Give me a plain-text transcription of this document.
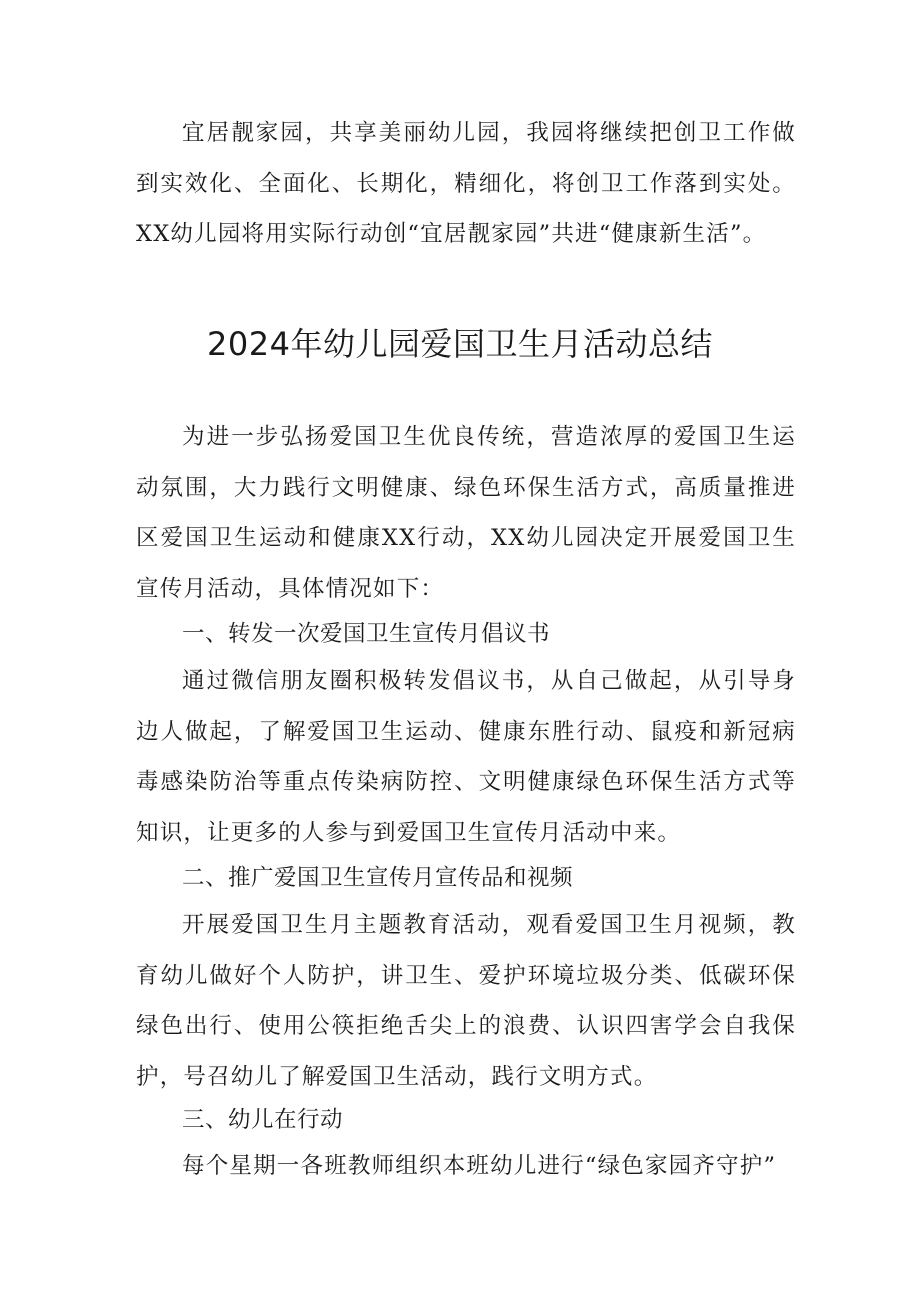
宜居靓家园，共享美丽幼儿园，我园将继续把创卫工作做到实效化、全面化、长期化，精细化，将创卫工作落到实处。XX幼儿园将用实际行动创“宜居靓家园”共进“健康新生活”。

2024年幼儿园爱国卫生月活动总结

为进一步弘扬爱国卫生优良传统，营造浓厚的爱国卫生运动氛围，大力践行文明健康、绿色环保生活方式，高质量推进区爱国卫生运动和健康XX行动，XX幼儿园决定开展爱国卫生宣传月活动，具体情况如下：

一、转发一次爱国卫生宣传月倡议书

通过微信朋友圈积极转发倡议书，从自己做起，从引导身边人做起，了解爱国卫生运动、健康东胜行动、鼠疫和新冠病毒感染防治等重点传染病防控、文明健康绿色环保生活方式等知识，让更多的人参与到爱国卫生宣传月活动中来。

二、推广爱国卫生宣传月宣传品和视频

开展爱国卫生月主题教育活动，观看爱国卫生月视频，教育幼儿做好个人防护，讲卫生、爱护环境垃圾分类、低碳环保绿色出行、使用公筷拒绝舌尖上的浪费、认识四害学会自我保护，号召幼儿了解爱国卫生活动，践行文明方式。

三、幼儿在行动

每个星期一各班教师组织本班幼儿进行“绿色家园齐守护”
